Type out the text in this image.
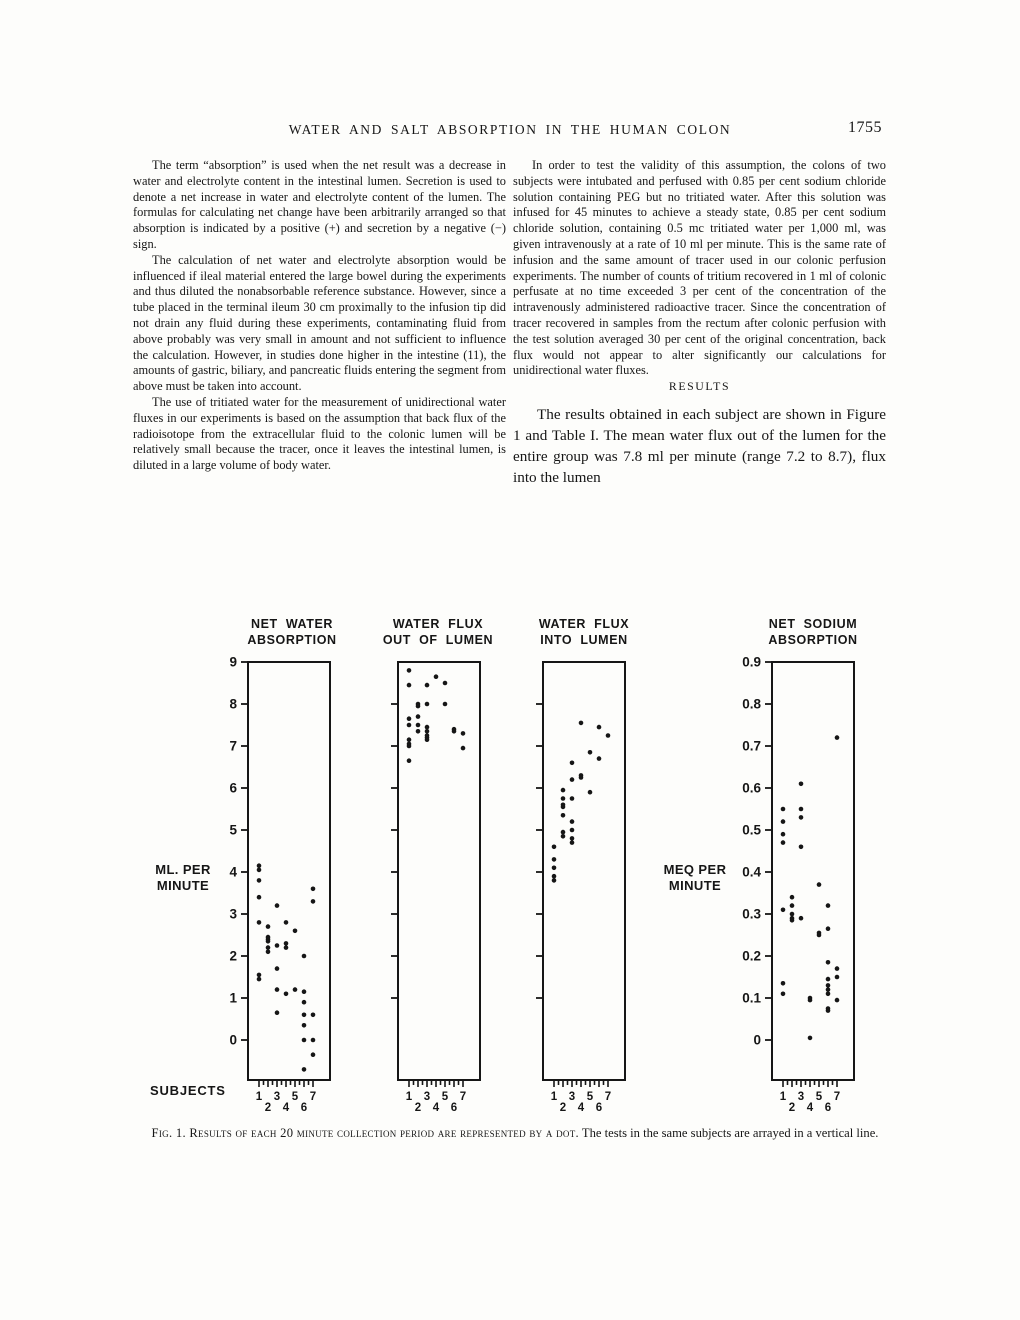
WATER AND SALT ABSORPTION IN THE HUMAN COLON	1755

The term “absorption” is used when the net result was a decrease in water and electrolyte content in the intestinal lumen. Secretion is used to denote a net increase in water and electrolyte content of the lumen. The formulas for calculating net change have been arbitrarily arranged so that absorption is indicated by a positive (+) and secretion by a negative (−) sign.

The calculation of net water and electrolyte absorption would be influenced if ileal material entered the large bowel during the experiments and thus diluted the nonabsorbable reference substance. However, since a tube placed in the terminal ileum 30 cm proximally to the infusion tip did not drain any fluid during these experiments, contaminating fluid from above probably was very small in amount and not sufficient to influence the calculation. However, in studies done higher in the intestine (11), the amounts of gastric, biliary, and pancreatic fluids entering the segment from above must be taken into account.

The use of tritiated water for the measurement of unidirectional water fluxes in our experiments is based on the assumption that back flux of the radioisotope from the extracellular fluid to the colonic lumen will be relatively small because the tracer, once it leaves the intestinal lumen, is diluted in a large volume of body water.

In order to test the validity of this assumption, the colons of two subjects were intubated and perfused with 0.85 per cent sodium chloride solution containing PEG but no tritiated water. After this solution was infused for 45 minutes to achieve a steady state, 0.85 per cent sodium chloride solution, containing 0.5 mc tritiated water per 1,000 ml, was given intravenously at a rate of 10 ml per minute. This is the same rate of infusion and the same amount of tracer used in our colonic perfusion experiments. The number of counts of tritium recovered in 1 ml of colonic perfusate at no time exceeded 3 per cent of the concentration of the intravenously administered radioactive tracer. Since the concentration of tracer recovered in samples from the rectum after colonic perfusion with the test solution averaged 30 per cent of the original concentration, back flux would not appear to alter significantly our calculations for unidirectional water fluxes.

RESULTS

The results obtained in each subject are shown in Figure 1 and Table I. The mean water flux out of the lumen for the entire group was 7.8 ml per minute (range 7.2 to 8.7), flux into the lumen

NET WATER
ABSORPTION
WATER FLUX
OUT OF LUMEN
WATER FLUX
INTO LUMEN
NET SODIUM
ABSORPTION
ML. PER
MINUTE
MEQ PER
MINUTE
SUBJECTS
9
8
7
6
5
4
3
2
1
0
1
2
3
4
5
6
7	1
2
3
4
5
6
7	1
2
3
4
5
6
7
0.9
0.8
0.7
0.6
0.5
0.4
0.3
0.2
0.1
0
1
2
3
4
5
6
7
Fig. 1. Results of each 20 minute collection period are represented by a dot. The tests in the same subjects are arrayed in a vertical line.
